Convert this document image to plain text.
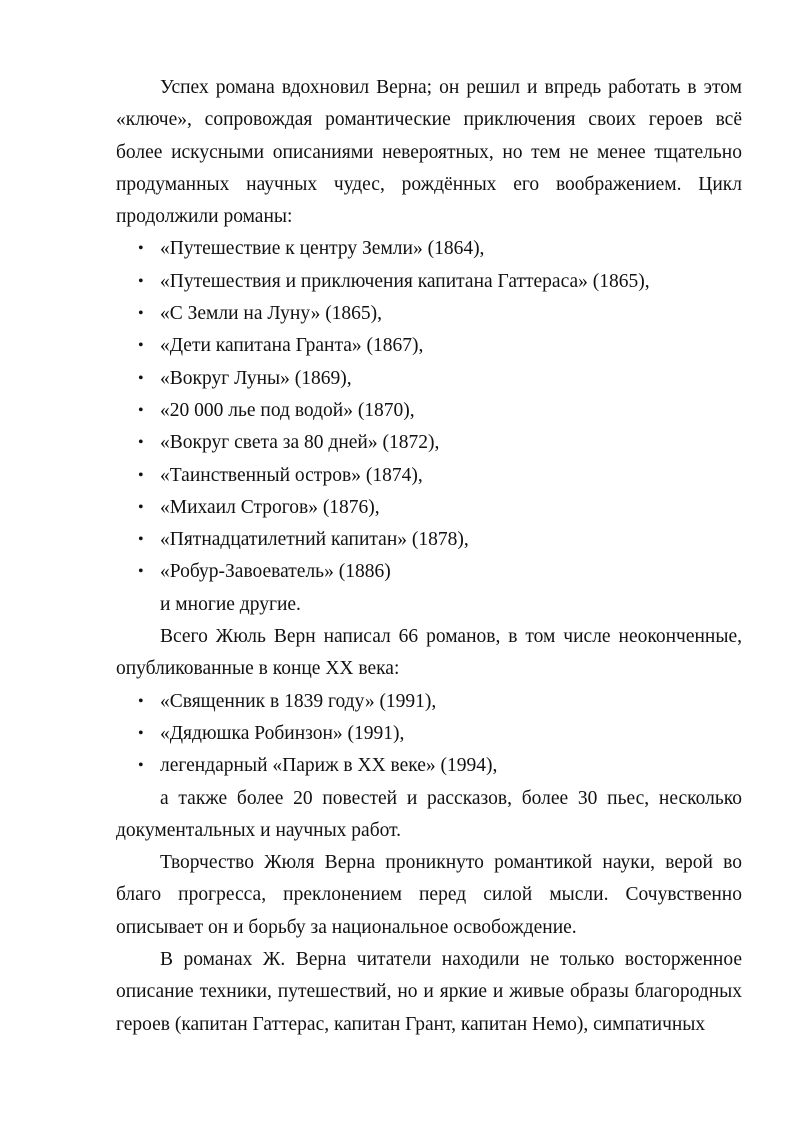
Успех романа вдохновил Верна; он решил и впредь работать в этом «ключе», сопровождая романтические приключения своих героев всё более искусными описаниями невероятных, но тем не менее тщательно продуманных научных чудес, рождённых его воображением. Цикл продолжили романы:

• «Путешествие к центру Земли» (1864),
• «Путешествия и приключения капитана Гаттераса» (1865),
• «С Земли на Луну» (1865),
• «Дети капитана Гранта» (1867),
• «Вокруг Луны» (1869),
• «20 000 лье под водой» (1870),
• «Вокруг света за 80 дней» (1872),
• «Таинственный остров» (1874),
• «Михаил Строгов» (1876),
• «Пятнадцатилетний капитан» (1878),
• «Робур-Завоеватель» (1886)

и многие другие.

Всего Жюль Верн написал 66 романов, в том числе неоконченные, опубликованные в конце XX века:

• «Священник в 1839 году» (1991),
• «Дядюшка Робинзон» (1991),
• легендарный «Париж в XX веке» (1994),

а также более 20 повестей и рассказов, более 30 пьес, несколько документальных и научных работ.

Творчество Жюля Верна проникнуто романтикой науки, верой во благо прогресса, преклонением перед силой мысли. Сочувственно описывает он и борьбу за национальное освобождение.

В романах Ж. Верна читатели находили не только восторженное описание техники, путешествий, но и яркие и живые образы благородных героев (капитан Гаттерас, капитан Грант, капитан Немо), симпатичных
